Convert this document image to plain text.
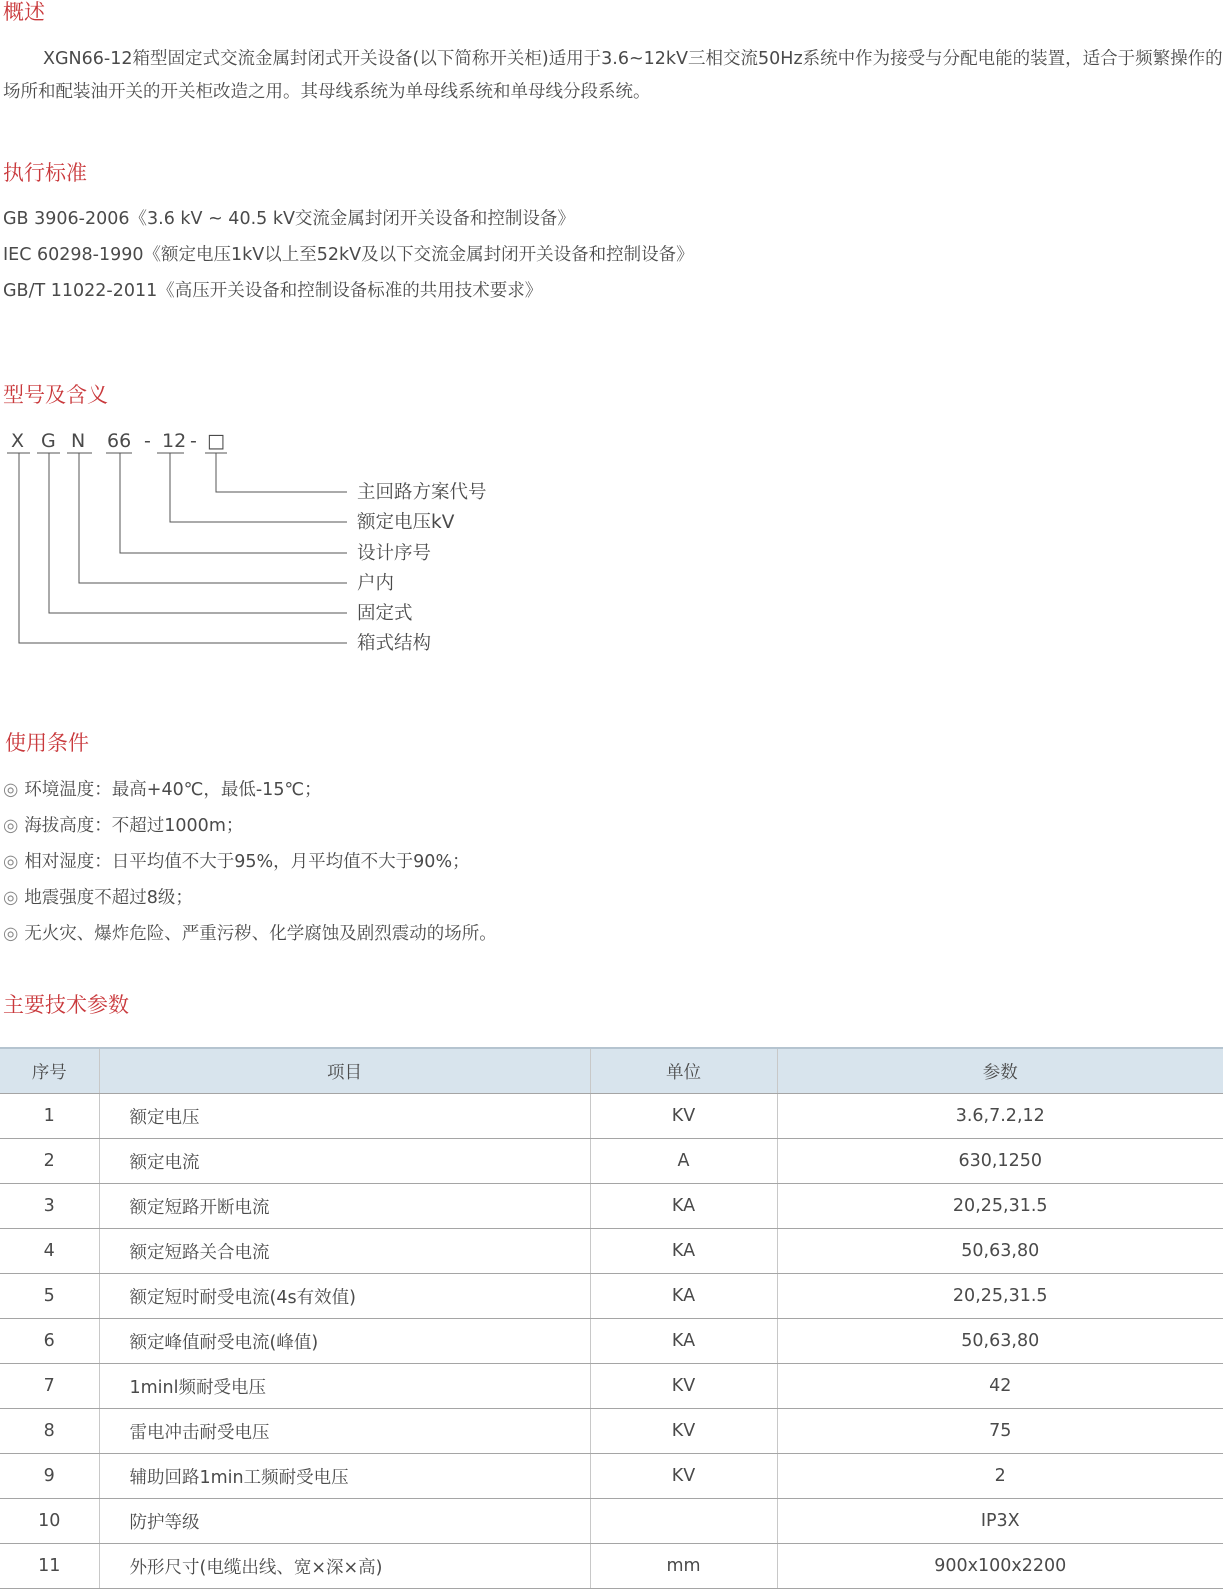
概述

XGN66-12箱型固定式交流金属封闭式开关设备(以下简称开关柜)适用于3.6~12kV三相交流50Hz系统中作为接受与分配电能的装置，适合于频繁操作的场所和配装油开关的开关柜改造之用。其母线系统为单母线系统和单母线分段系统。

执行标准
GB 3906-2006《3.6 kV ~ 40.5 kV交流金属封闭开关设备和控制设备》
IEC 60298-1990《额定电压1kV以上至52kV及以下交流金属封闭开关设备和控制设备》
GB/T 11022-2011《高压开关设备和控制设备标准的共用技术要求》
型号及含义
X G N 66 - 12 - □
主回路方案代号
额定电压kV
设计序号
户内
固定式
箱式结构
使用条件
◎ 环境温度：最高+40℃，最低-15℃；
◎ 海拔高度：不超过1000m；
◎ 相对湿度：日平均值不大于95%，月平均值不大于90%；
◎ 地震强度不超过8级；
◎ 无火灾、爆炸危险、严重污秽、化学腐蚀及剧烈震动的场所。
主要技术参数
序号	项目	单位	参数
1	额定电压	KV	3.6,7.2,12
2	额定电流	A	630,1250
3	额定短路开断电流	KA	20,25,31.5
4	额定短路关合电流	KA	50,63,80
5	额定短时耐受电流(4s有效值)	KA	20,25,31.5
6	额定峰值耐受电流(峰值)	KA	50,63,80
7	1minl频耐受电压	KV	42
8	雷电冲击耐受电压	KV	75
9	辅助回路1min工频耐受电压	KV	2
10	防护等级		IP3X
11	外形尺寸(电缆出线、宽×深×高)	mm	900x100x2200
